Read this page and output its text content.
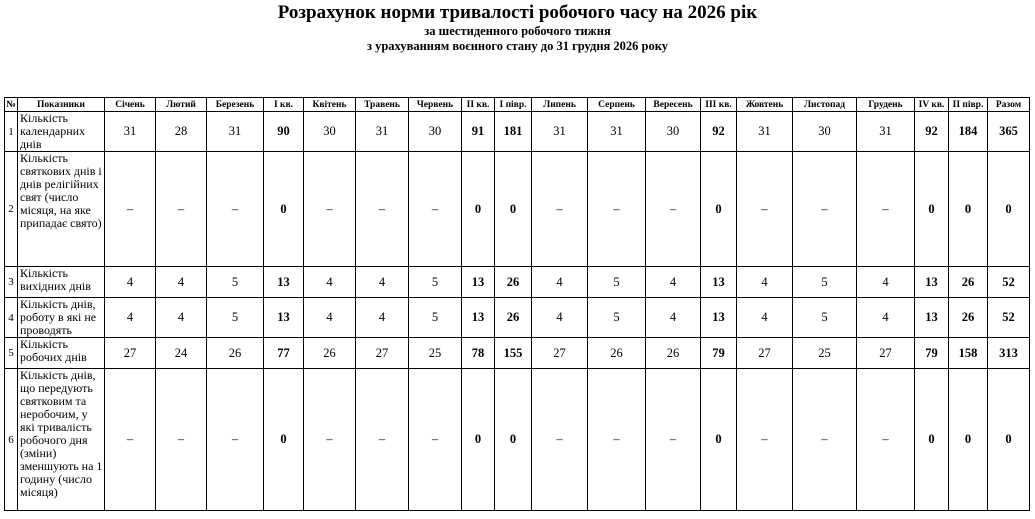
Розрахунок норми тривалості робочого часу на 2026 рік
за шестиденного робочого тижня
з урахуванням воєнного стану до 31 грудня 2026 року
№	Показники	Січень	Лютий	Березень	I кв.	Квітень	Травень	Червень	II кв.	I півр.	Липень	Серпень	Вересень	III кв.	Жовтень	Листопад	Грудень	IV кв.	II півр.	Разом
1	Кількість календарних днів	31	28	31	90	30	31	30	91	181	31	31	30	92	31	30	31	92	184	365
2	Кількість святкових днів і днів релігійних свят (число місяця, на яке припадає свято)	–	–	–	0	–	–	–	0	0	–	–	–	0	–	–	–	0	0	0
3	Кількість вихідних днів	4	4	5	13	4	4	5	13	26	4	5	4	13	4	5	4	13	26	52
4	Кількість днів, роботу в які не проводять	4	4	5	13	4	4	5	13	26	4	5	4	13	4	5	4	13	26	52
5	Кількість робочих днів	27	24	26	77	26	27	25	78	155	27	26	26	79	27	25	27	79	158	313
6	Кількість днів, що передують святковим та неробочим, у які тривалість робочого дня (зміни) зменшують на 1 годину (число місяця)	–	–	–	0	–	–	–	0	0	–	–	–	0	–	–	–	0	0	0
